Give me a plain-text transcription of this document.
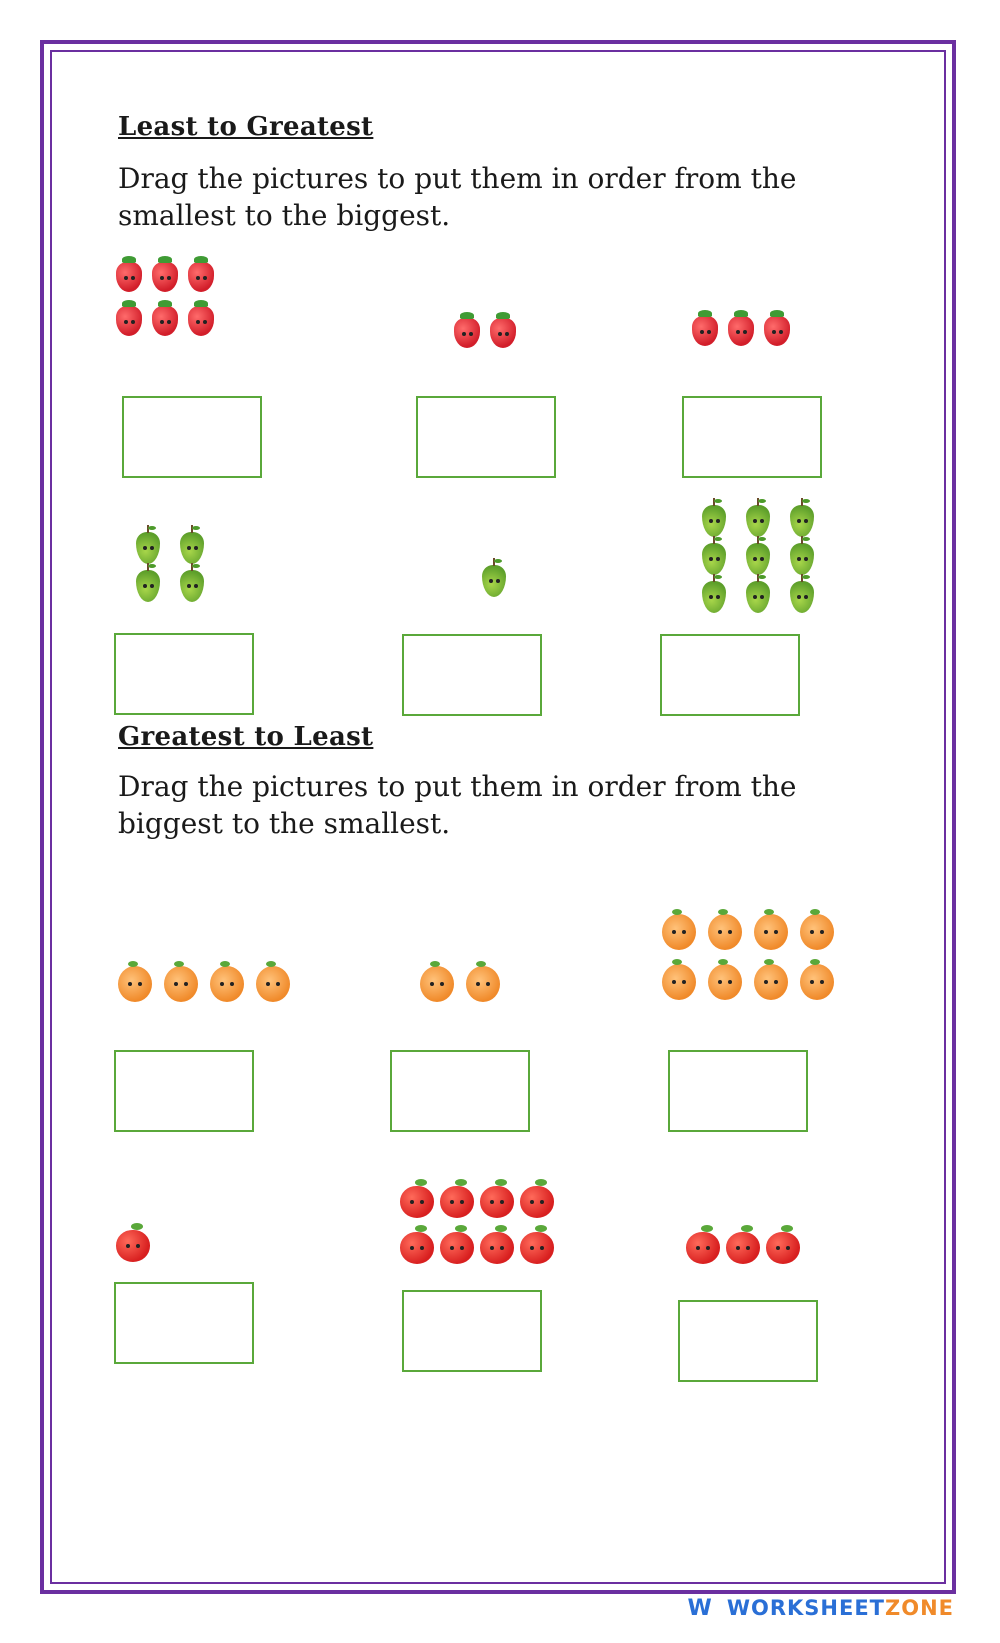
Least to Greatest
Drag the pictures to put them in order from the smallest to the biggest.
Greatest to Least
Drag the pictures to put them in order from the biggest to the smallest.
W WORKSHEETZONE
